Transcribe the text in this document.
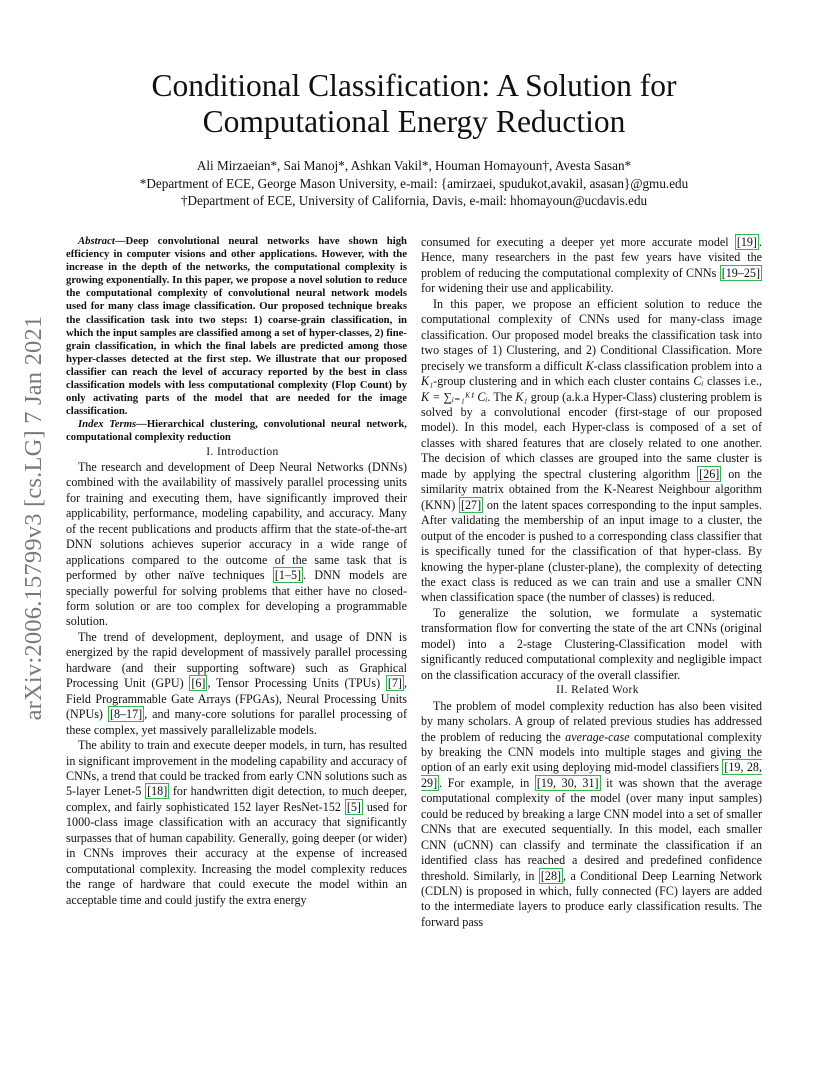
arXiv:2006.15799v3 [cs.LG] 7 Jan 2021
Conditional Classification: A Solution for
Computational Energy Reduction
Ali Mirzaeian*, Sai Manoj*, Ashkan Vakil*, Houman Homayoun†, Avesta Sasan*
*Department of ECE, George Mason University, e-mail: {amirzaei, spudukot,avakil, asasan}@gmu.edu
†Department of ECE, University of California, Davis, e-mail: hhomayoun@ucdavis.edu

Abstract—Deep convolutional neural networks have shown high efficiency in computer visions and other applications. However, with the increase in the depth of the networks, the computational complexity is growing exponentially. In this paper, we propose a novel solution to reduce the computational complexity of convolutional neural network models used for many class image classification. Our proposed technique breaks the classification task into two steps: 1) coarse-grain classification, in which the input samples are classified among a set of hyper-classes, 2) fine-grain classification, in which the final labels are predicted among those hyper-classes detected at the first step. We illustrate that our proposed classifier can reach the level of accuracy reported by the best in class classification models with less computational complexity (Flop Count) by only activating parts of the model that are needed for the image classification.

Index Terms—Hierarchical clustering, convolutional neural network, computational complexity reduction

I. Introduction

The research and development of Deep Neural Networks (DNNs) combined with the availability of massively parallel processing units for training and executing them, have significantly improved their applicability, performance, modeling capability, and accuracy. Many of the recent publications and products affirm that the state-of-the-art DNN solutions achieves superior accuracy in a wide range of applications compared to the outcome of the same task that is performed by other naïve techniques [1–5] . DNN models are specially powerful for solving problems that either have no closed-form solution or are too complex for developing a programmable solution.

The trend of development, deployment, and usage of DNN is energized by the rapid development of massively parallel processing hardware (and their supporting software) such as Graphical Processing Unit (GPU) [6] , Tensor Processing Units (TPUs) [7] , Field Programmable Gate Arrays (FPGAs), Neural Processing Units (NPUs) [8–17] , and many-core solutions for parallel processing of these complex, yet massively parallelizable models.

The ability to train and execute deeper models, in turn, has resulted in significant improvement in the modeling capability and accuracy of CNNs, a trend that could be tracked from early CNN solutions such as 5-layer Lenet-5 [18] for handwritten digit detection, to much deeper, complex, and fairly sophisticated 152 layer ResNet-152 [5] used for 1000-class image classification with an accuracy that significantly surpasses that of human capability. Generally, going deeper (or wider) in CNNs improves their accuracy at the expense of increased computational complexity. Increasing the model complexity reduces the range of hardware that could execute the model within an acceptable time and could justify the extra energy

consumed for executing a deeper yet more accurate model [19] . Hence, many researchers in the past few years have visited the problem of reducing the computational complexity of CNNs [19–25] for widening their use and applicability.

In this paper, we propose an efficient solution to reduce the computational complexity of CNNs used for many-class image classification. Our proposed model breaks the classification task into two stages of 1) Clustering, and 2) Conditional Classification. More precisely we transform a difficult K-class classification problem into a K₁-group clustering and in which each cluster contains Cᵢ classes i.e., K = ∑ᵢ₌₁ᴷ¹ Cᵢ. The K₁ group (a.k.a Hyper-Class) clustering problem is solved by a convolutional encoder (first-stage of our proposed model). In this model, each Hyper-class is composed of a set of classes with shared features that are closely related to one another. The decision of which classes are grouped into the same cluster is made by applying the spectral clustering algorithm [26] on the similarity matrix obtained from the K-Nearest Neighbour algorithm (KNN) [27] on the latent spaces corresponding to the input samples. After validating the membership of an input image to a cluster, the output of the encoder is pushed to a corresponding class classifier that is specifically tuned for the classification of that hyper-class. By knowing the hyper-plane (cluster-plane), the complexity of detecting the exact class is reduced as we can train and use a smaller CNN when classification space (the number of classes) is reduced.

To generalize the solution, we formulate a systematic transformation flow for converting the state of the art CNNs (original model) into a 2-stage Clustering-Classification model with significantly reduced computational complexity and negligible impact on the classification accuracy of the overall classifier.

II. Related Work

The problem of model complexity reduction has also been visited by many scholars. A group of related previous studies has addressed the problem of reducing the average-case computational complexity by breaking the CNN models into multiple stages and giving the option of an early exit using deploying mid-model classifiers [19, 28, 29] . For example, in [19, 30, 31] it was shown that the average computational complexity of the model (over many input samples) could be reduced by breaking a large CNN model into a set of smaller CNNs that are executed sequentially. In this model, each smaller CNN (uCNN) can classify and terminate the classification if an identified class has reached a desired and predefined confidence threshold. Similarly, in [28] , a Conditional Deep Learning Network (CDLN) is proposed in which, fully connected (FC) layers are added to the intermediate layers to produce early classification results. The forward pass
